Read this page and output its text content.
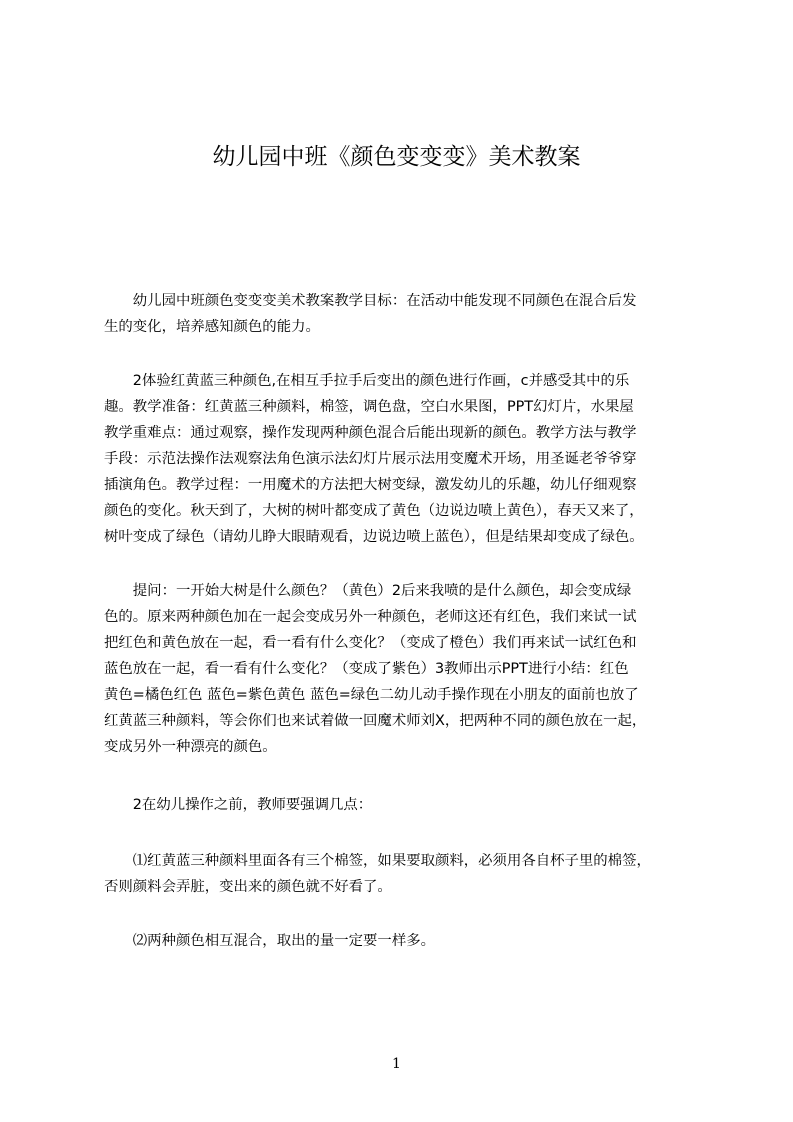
幼儿园中班《颜色变变变》美术教案
　　幼儿园中班颜色变变变美术教案教学目标：在活动中能发现不同颜色在混合后发
生的变化，培养感知颜色的能力。
　　2体验红黄蓝三种颜色,在相互手拉手后变出的颜色进行作画，c并感受其中的乐
趣。教学准备：红黄蓝三种颜料，棉签，调色盘，空白水果图，PPT幻灯片，水果屋
教学重难点：通过观察，操作发现两种颜色混合后能出现新的颜色。教学方法与教学
手段：示范法操作法观察法角色演示法幻灯片展示法用变魔术开场，用圣诞老爷爷穿
插演角色。教学过程：一用魔术的方法把大树变绿，激发幼儿的乐趣，幼儿仔细观察
颜色的变化。秋天到了，大树的树叶都变成了黄色（边说边喷上黄色），春天又来了，
树叶变成了绿色（请幼儿睁大眼睛观看，边说边喷上蓝色），但是结果却变成了绿色。
　　提问：一开始大树是什么颜色？（黄色）2后来我喷的是什么颜色，却会变成绿
色的。原来两种颜色加在一起会变成另外一种颜色，老师这还有红色，我们来试一试
把红色和黄色放在一起，看一看有什么变化？（变成了橙色）我们再来试一试红色和
蓝色放在一起，看一看有什么变化？（变成了紫色）3教师出示PPT进行小结：红色
黄色=橘色红色 蓝色=紫色黄色 蓝色=绿色二幼儿动手操作现在小朋友的面前也放了
红黄蓝三种颜料，等会你们也来试着做一回魔术师刘X，把两种不同的颜色放在一起，
变成另外一种漂亮的颜色。
　　2在幼儿操作之前，教师要强调几点：
　　⑴红黄蓝三种颜料里面各有三个棉签，如果要取颜料，必须用各自杯子里的棉签，
否则颜料会弄脏，变出来的颜色就不好看了。
　　⑵两种颜色相互混合，取出的量一定要一样多。
1
